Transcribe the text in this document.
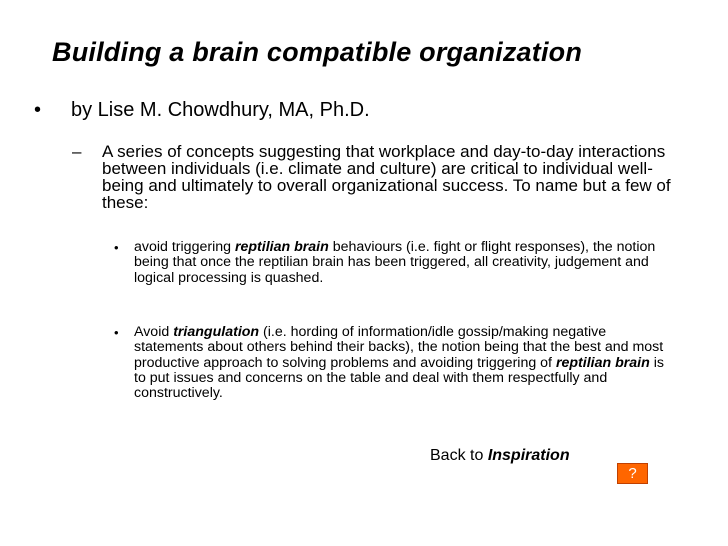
Building a brain compatible organization
• by Lise M. Chowdhury, MA, Ph.D.
– A series of concepts suggesting that workplace and day-to-day interactions between individuals (i.e. climate and culture) are critical to individual well-being and ultimately to overall organizational success. To name but a few of these:
• avoid triggering reptilian brain behaviours (i.e. fight or flight responses), the notion being that once the reptilian brain has been triggered, all creativity, judgement and logical processing is quashed.
• Avoid triangulation (i.e. hording of information/idle gossip/making negative statements about others behind their backs), the notion being that the best and most productive approach to solving problems and avoiding triggering of reptilian brain is to put issues and concerns on the table and deal with them respectfully and constructively.
Back to Inspiration
?
